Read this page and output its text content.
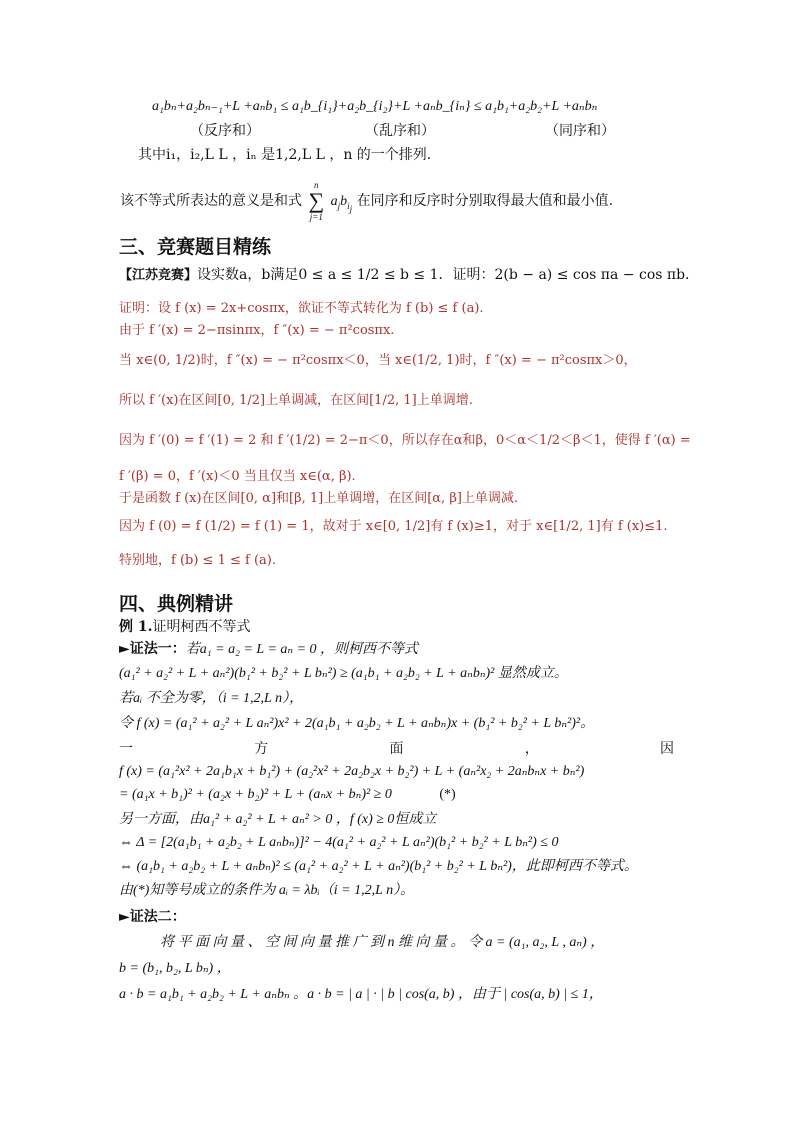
a₁bₙ+a₂bₙ₋₁+L +aₙb₁ ≤ a₁b_{i₁}+a₂b_{i₂}+L +aₙb_{iₙ} ≤ a₁b₁+a₂b₂+L +aₙbₙ
（反序和）	（乱序和）	（同序和）
其中i₁，i₂,L L ，iₙ 是1,2,L L ，n 的一个排列.
该不等式所表达的意义是和式 n
∑
j=1 $a_jb_{i_j}$ 在同序和反序时分别取得最大值和最小值.
三、竞赛题目精练
【江苏竞赛】设实数a，b满足0 ≤ a ≤ 1/2 ≤ b ≤ 1．证明：2(b − a) ≤ cos πa − cos πb．
证明：设 f (x) = 2x+cosπx，欲证不等式转化为 f (b) ≤ f (a).
由于 f ′(x) = 2−πsinπx，f ″(x) = − π²cosπx.
当 x∈(0, 1/2)时，f ″(x) = − π²cosπx＜0，当 x∈(1/2, 1)时，f ″(x) = − π²cosπx＞0，
所以 f ′(x)在区间[0, 1/2]上单调减，在区间[1/2, 1]上单调增.
因为 f ′(0) = f ′(1) = 2 和 f ′(1/2) = 2−π＜0，所以存在α和β，0＜α＜1/2＜β＜1，使得 f ′(α) =
f ′(β) = 0，f ′(x)＜0 当且仅当 x∈(α, β).
于是函数 f (x)在区间[0, α]和[β, 1]上单调增，在区间[α, β]上单调减.
因为 f (0) = f (1/2) = f (1) = 1，故对于 x∈[0, 1/2]有 f (x)≥1，对于 x∈[1/2, 1]有 f (x)≤1.
特别地，f (b) ≤ 1 ≤ f (a).
四、典例精讲
例 1.证明柯西不等式
►证法一：若a₁ = a₂ = L = aₙ = 0 ，则柯西不等式
(a₁² + a₂² + L + aₙ²)(b₁² + b₂² + L bₙ²) ≥ (a₁b₁ + a₂b₂ + L + aₙbₙ)² 显然成立。
若aᵢ 不全为零，（i = 1,2,L n），
令 f (x) = (a₁² + a₂² + L aₙ²)x² + 2(a₁b₁ + a₂b₂ + L + aₙbₙ)x + (b₁² + b₂² + L bₙ²)²。
一	方	面	，	因
f (x) = (a₁²x² + 2a₁b₁x + b₁²) + (a₂²x² + 2a₂b₂x + b₂²) + L + (aₙ²x₂ + 2aₙbₙx + bₙ²)
= (a₁x + b₁)² + (a₂x + b₂)² + L + (aₙx + bₙ)² ≥ 0	(*)
另一方面，由a₁² + a₂² + L + aₙ² > 0 ，f (x) ≥ 0恒成立
⇔ Δ = [2(a₁b₁ + a₂b₂ + L aₙbₙ)]² − 4(a₁² + a₂² + L aₙ²)(b₁² + b₂² + L bₙ²) ≤ 0
⇔ (a₁b₁ + a₂b₂ + L + aₙbₙ)² ≤ (a₁² + a₂² + L + aₙ²)(b₁² + b₂² + L bₙ²)，此即柯西不等式。
由(*)知等号成立的条件为 aᵢ = λbᵢ（i = 1,2,L n）。
►证法二：
将 平 面 向 量 、 空 间 向 量 推 广 到 n 维 向 量 。 令 a = (a₁, a₂, L , aₙ) ，
b = (b₁, b₂, L bₙ) ，
a · b = a₁b₁ + a₂b₂ + L + aₙbₙ 。a · b = | a | · | b | cos(a, b) ，由于 | cos(a, b) | ≤ 1，
